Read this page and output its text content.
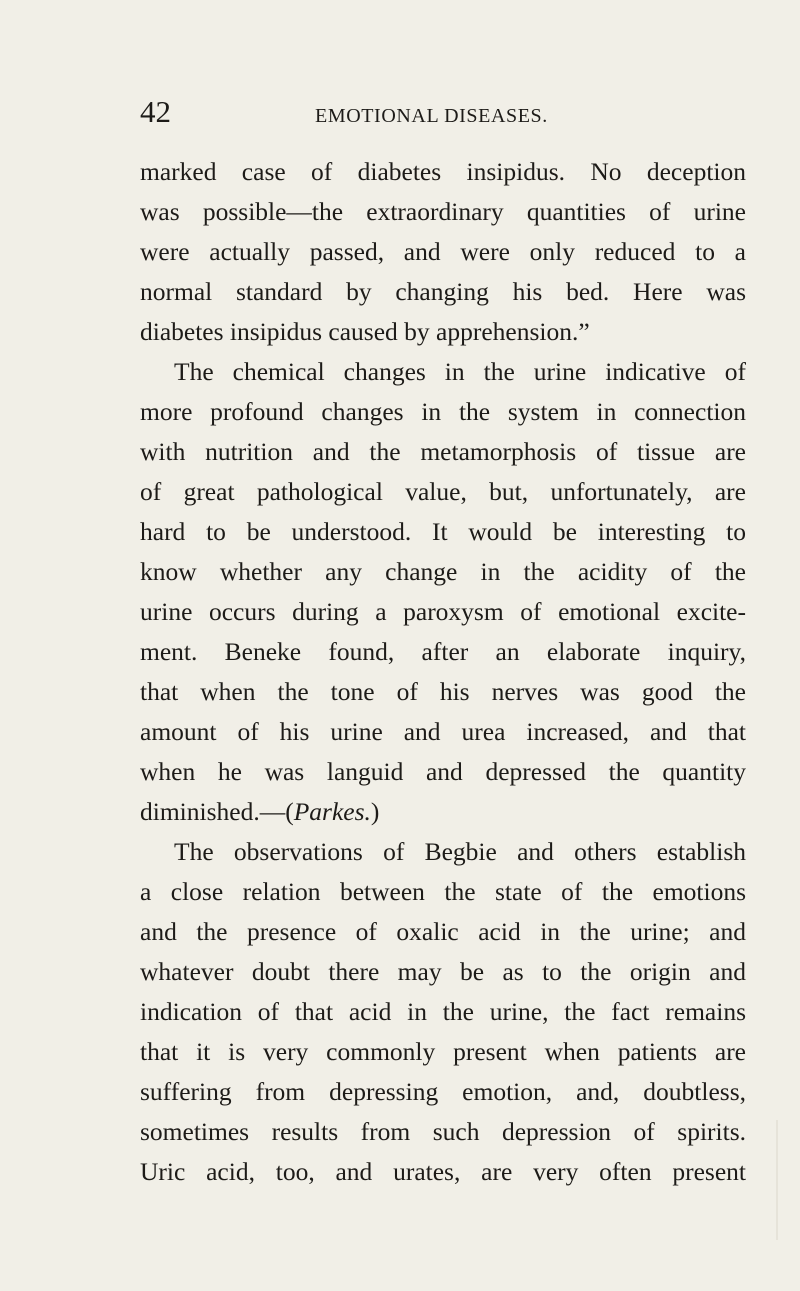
42	EMOTIONAL DISEASES.
marked case of diabetes insipidus. No deception
was possible—the extraordinary quantities of urine
were actually passed, and were only reduced to a
normal standard by changing his bed. Here was
diabetes insipidus caused by apprehension.”
The chemical changes in the urine indicative of
more profound changes in the system in connection
with nutrition and the metamorphosis of tissue are
of great pathological value, but, unfortunately, are
hard to be understood. It would be interesting to
know whether any change in the acidity of the
urine occurs during a paroxysm of emotional excite-
ment. Beneke found, after an elaborate inquiry,
that when the tone of his nerves was good the
amount of his urine and urea increased, and that
when he was languid and depressed the quantity
diminished.—(Parkes.)
The observations of Begbie and others establish
a close relation between the state of the emotions
and the presence of oxalic acid in the urine; and
whatever doubt there may be as to the origin and
indication of that acid in the urine, the fact remains
that it is very commonly present when patients are
suffering from depressing emotion, and, doubtless,
sometimes results from such depression of spirits.
Uric acid, too, and urates, are very often present
